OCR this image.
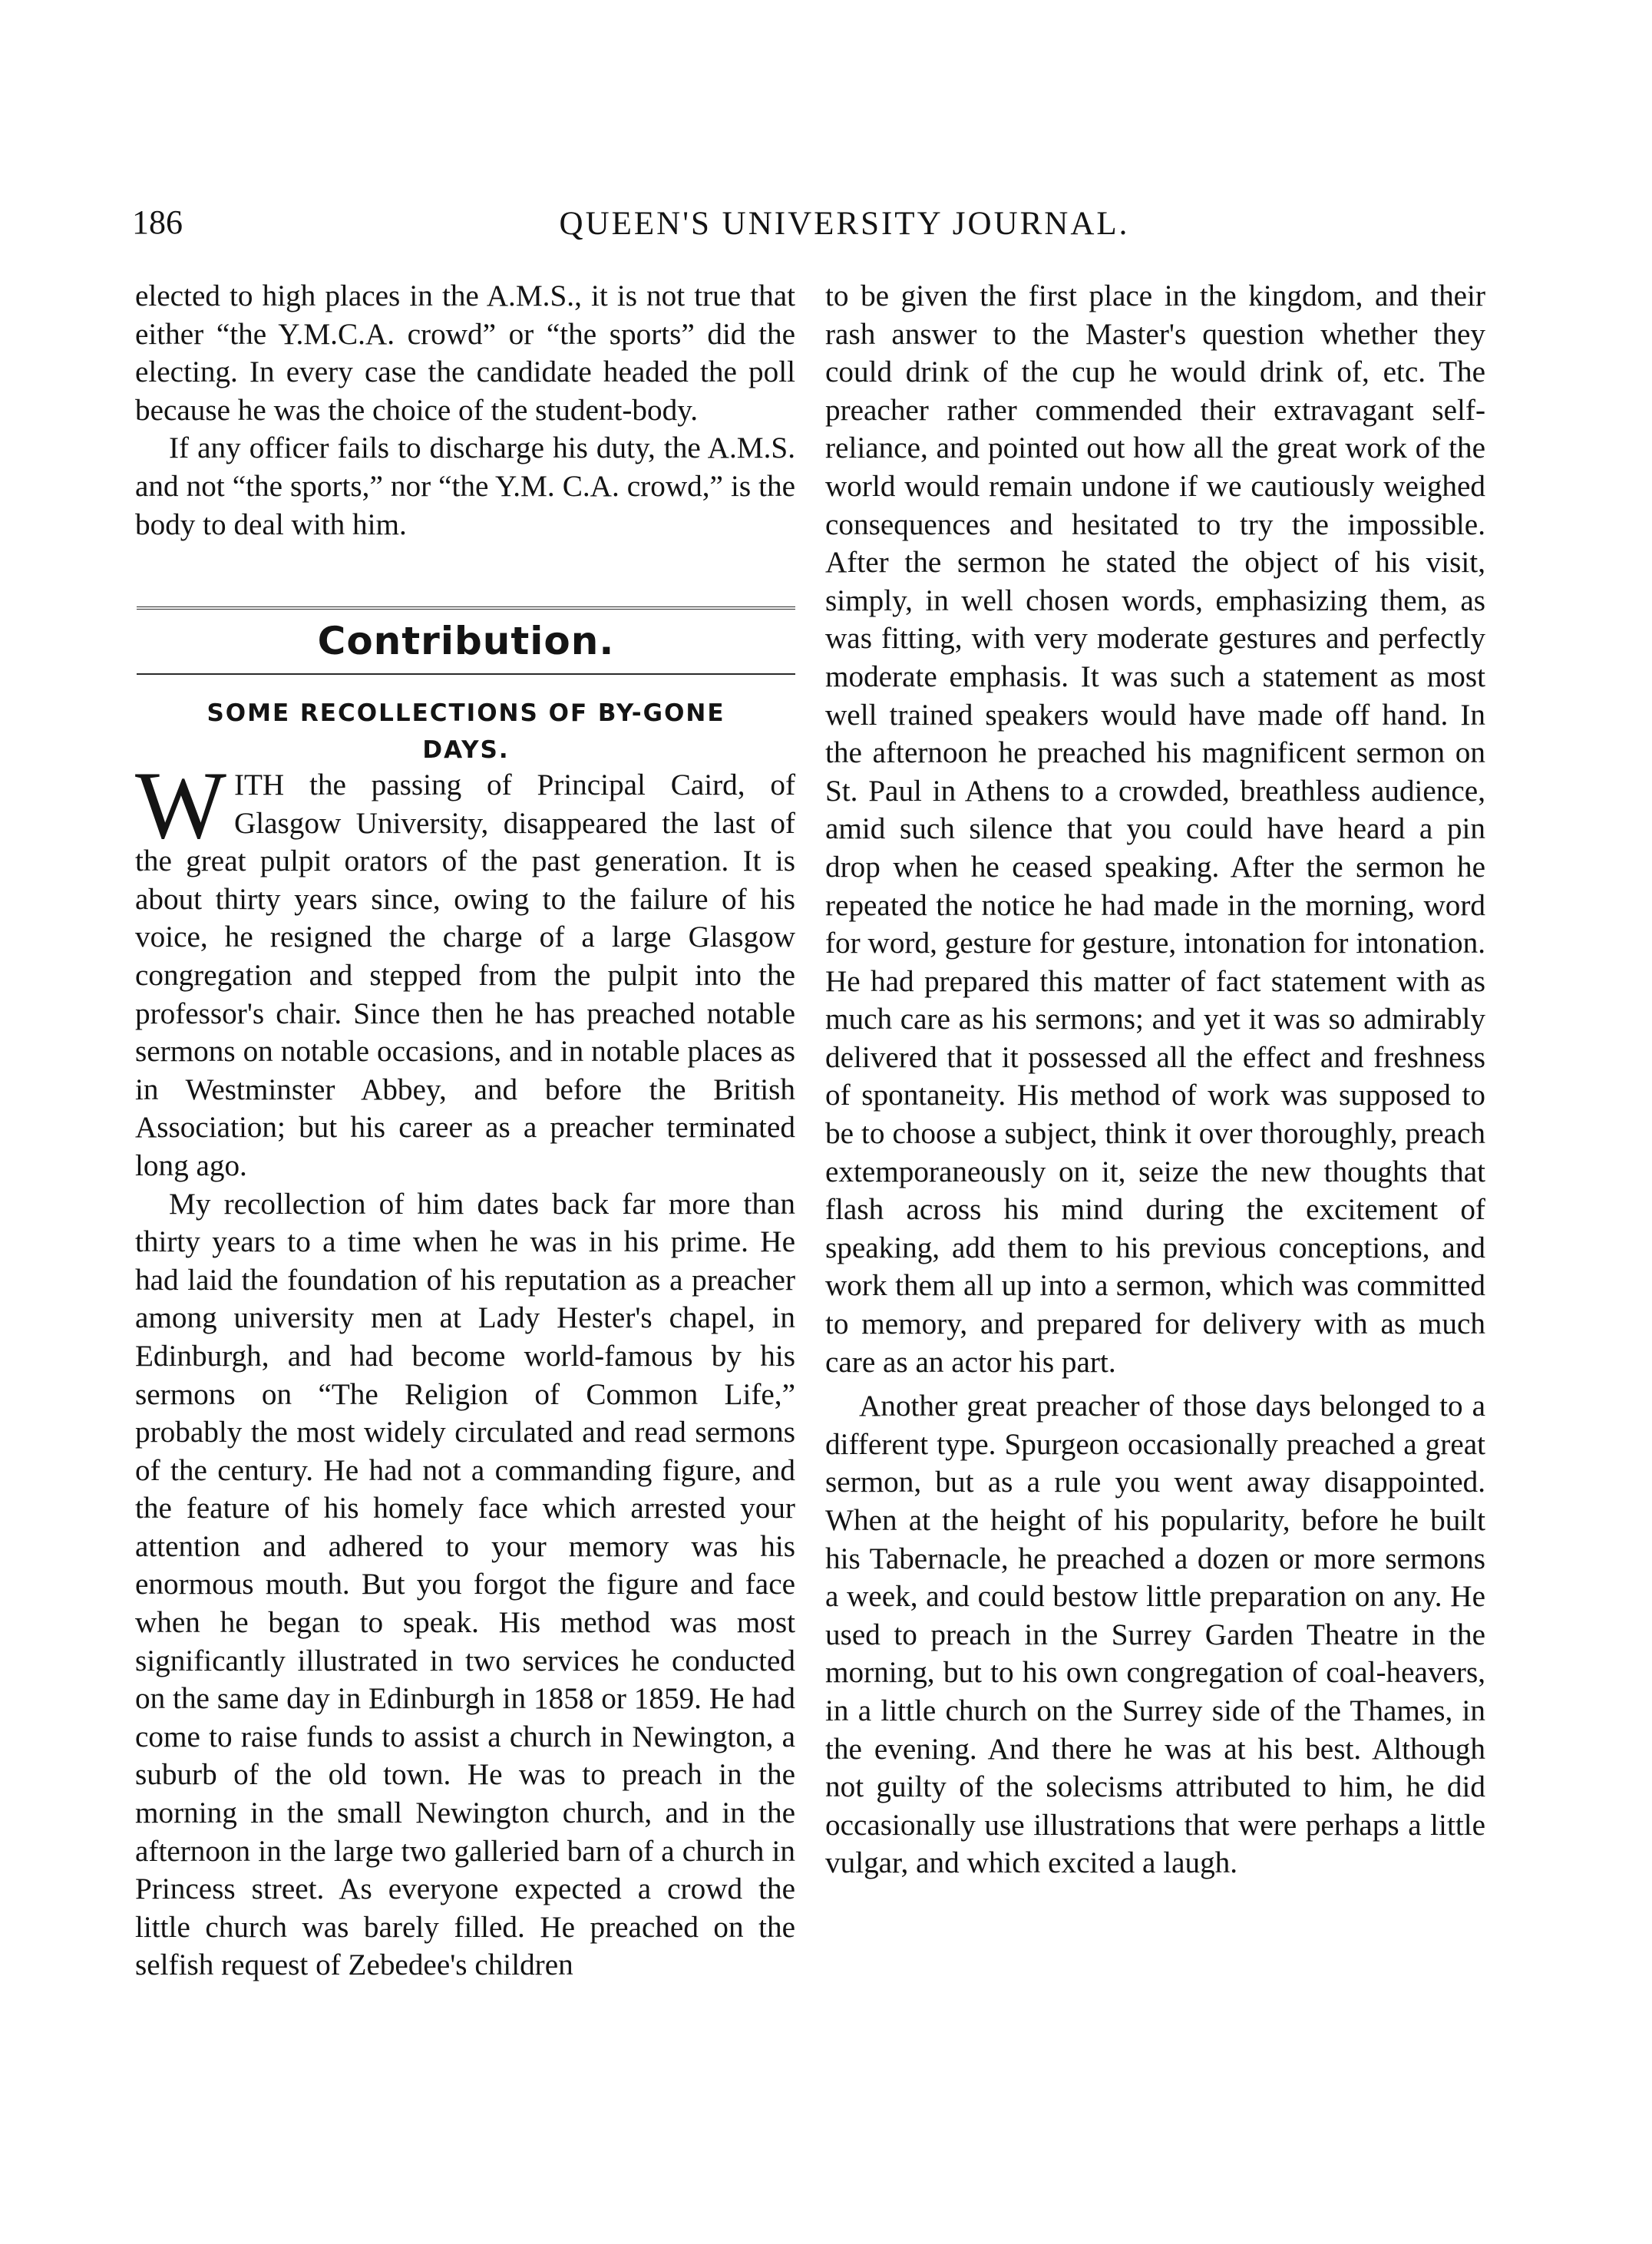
186	QUEEN'S UNIVERSITY JOURNAL.

elected to high places in the A.M.S., it is not true that either “the Y.M.C.A. crowd” or “the sports” did the electing. In every case the candidate headed the poll because he was the choice of the student-body.

If any officer fails to discharge his duty, the A.M.S. and not “the sports,” nor “the Y.M. C.A. crowd,” is the body to deal with him.

Contribution.
SOME RECOLLECTIONS OF BY-GONE
DAYS.

WITH the passing of Principal Caird, of Glasgow University, disappeared the last of the great pulpit orators of the past generation. It is about thirty years since, owing to the failure of his voice, he resigned the charge of a large Glasgow congregation and stepped from the pulpit into the professor's chair. Since then he has preached notable sermons on notable occasions, and in notable places as in Westminster Abbey, and before the British Association; but his career as a preacher terminated long ago.

My recollection of him dates back far more than thirty years to a time when he was in his prime. He had laid the foundation of his reputation as a preacher among university men at Lady Hester's chapel, in Edinburgh, and had become world-famous by his sermons on “The Religion of Common Life,” probably the most widely circulated and read sermons of the century. He had not a commanding figure, and the feature of his homely face which arrested your attention and adhered to your memory was his enormous mouth. But you forgot the figure and face when he began to speak. His method was most significantly illustrated in two services he conducted on the same day in Edinburgh in 1858 or 1859. He had come to raise funds to assist a church in Newington, a suburb of the old town. He was to preach in the morning in the small Newington church, and in the afternoon in the large two galleried barn of a church in Princess street. As everyone expected a crowd the little church was barely filled. He preached on the selfish request of Zebedee's children

to be given the first place in the kingdom, and their rash answer to the Master's question whether they could drink of the cup he would drink of, etc. The preacher rather commended their extravagant self-reliance, and pointed out how all the great work of the world would remain undone if we cautiously weighed consequences and hesitated to try the impossible. After the sermon he stated the object of his visit, simply, in well chosen words, emphasizing them, as was fitting, with very moderate gestures and perfectly moderate emphasis. It was such a statement as most well trained speakers would have made off hand. In the afternoon he preached his magnificent sermon on St. Paul in Athens to a crowded, breathless audience, amid such silence that you could have heard a pin drop when he ceased speaking. After the sermon he repeated the notice he had made in the morning, word for word, gesture for gesture, intonation for intonation. He had prepared this matter of fact statement with as much care as his sermons; and yet it was so admirably delivered that it possessed all the effect and freshness of spontaneity. His method of work was supposed to be to choose a subject, think it over thoroughly, preach extemporaneously on it, seize the new thoughts that flash across his mind during the excitement of speaking, add them to his previous conceptions, and work them all up into a sermon, which was committed to memory, and prepared for delivery with as much care as an actor his part.

Another great preacher of those days belonged to a different type. Spurgeon occasionally preached a great sermon, but as a rule you went away disappointed. When at the height of his popularity, before he built his Tabernacle, he preached a dozen or more sermons a week, and could bestow little preparation on any. He used to preach in the Surrey Garden Theatre in the morning, but to his own congregation of coal-heavers, in a little church on the Surrey side of the Thames, in the evening. And there he was at his best. Although not guilty of the solecisms attributed to him, he did occasionally use illustrations that were perhaps a little vulgar, and which excited a laugh.
